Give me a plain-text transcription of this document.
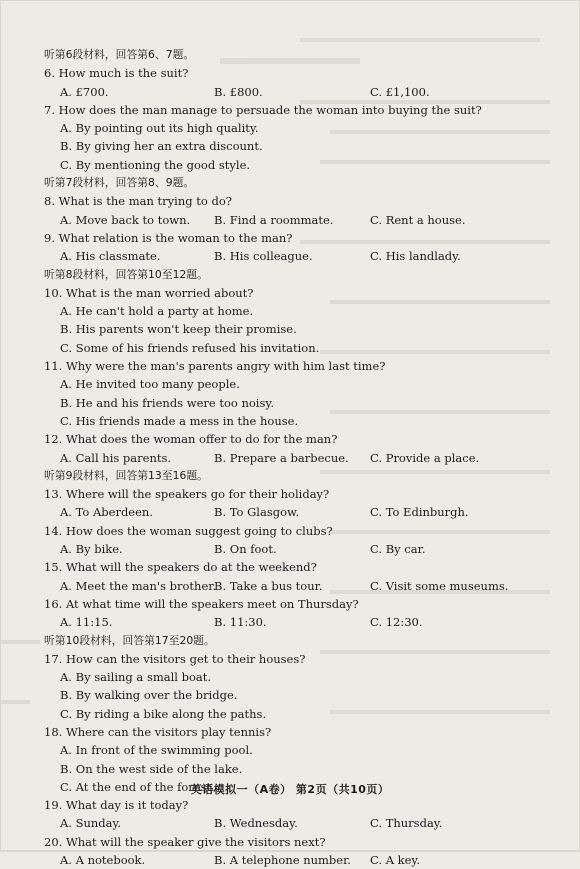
听第6段材料，回答第6、7题。
6. How much is the suit?
A. £700.	B. £800.	C. £1,100.
7. How does the man manage to persuade the woman into buying the suit?
A. By pointing out its high quality.
B. By giving her an extra discount.
C. By mentioning the good style.
听第7段材料，回答第8、9题。
8. What is the man trying to do?
A. Move back to town. B. Find a roommate.	C. Rent a house.
9. What relation is the woman to the man?
A. His classmate.	B. His colleague.	C. His landlady.
听第8段材料，回答第10至12题。
10. What is the man worried about?
A. He can't hold a party at home.
B. His parents won't keep their promise.
C. Some of his friends refused his invitation.
11. Why were the man's parents angry with him last time?
A. He invited too many people.
B. He and his friends were too noisy.
C. His friends made a mess in the house.
12. What does the woman offer to do for the man?
A. Call his parents.	B. Prepare a barbecue. C. Provide a place.
听第9段材料，回答第13至16题。
13. Where will the speakers go for their holiday?
A. To Aberdeen.	B. To Glasgow.	C. To Edinburgh.
14. How does the woman suggest going to clubs?
A. By bike.	B. On foot.	C. By car.
15. What will the speakers do at the weekend?
A. Meet the man's brother.
B. Take a bus tour.	C. Visit some museums.
16. At what time will the speakers meet on Thursday?
A. 11:15.	B. 11:30.	C. 12:30.
听第10段材料，回答第17至20题。
17. How can the visitors get to their houses?
A. By sailing a small boat.
B. By walking over the bridge.
C. By riding a bike along the paths.
18. Where can the visitors play tennis?
A. In front of the swimming pool.
B. On the west side of the lake.
C. At the end of the forest.
19. What day is it today?
A. Sunday.	B. Wednesday.	C. Thursday.
20. What will the speaker give the visitors next?
A. A notebook.	B. A telephone number. C. A key.
英语模拟一（A卷） 第2页（共10页）
